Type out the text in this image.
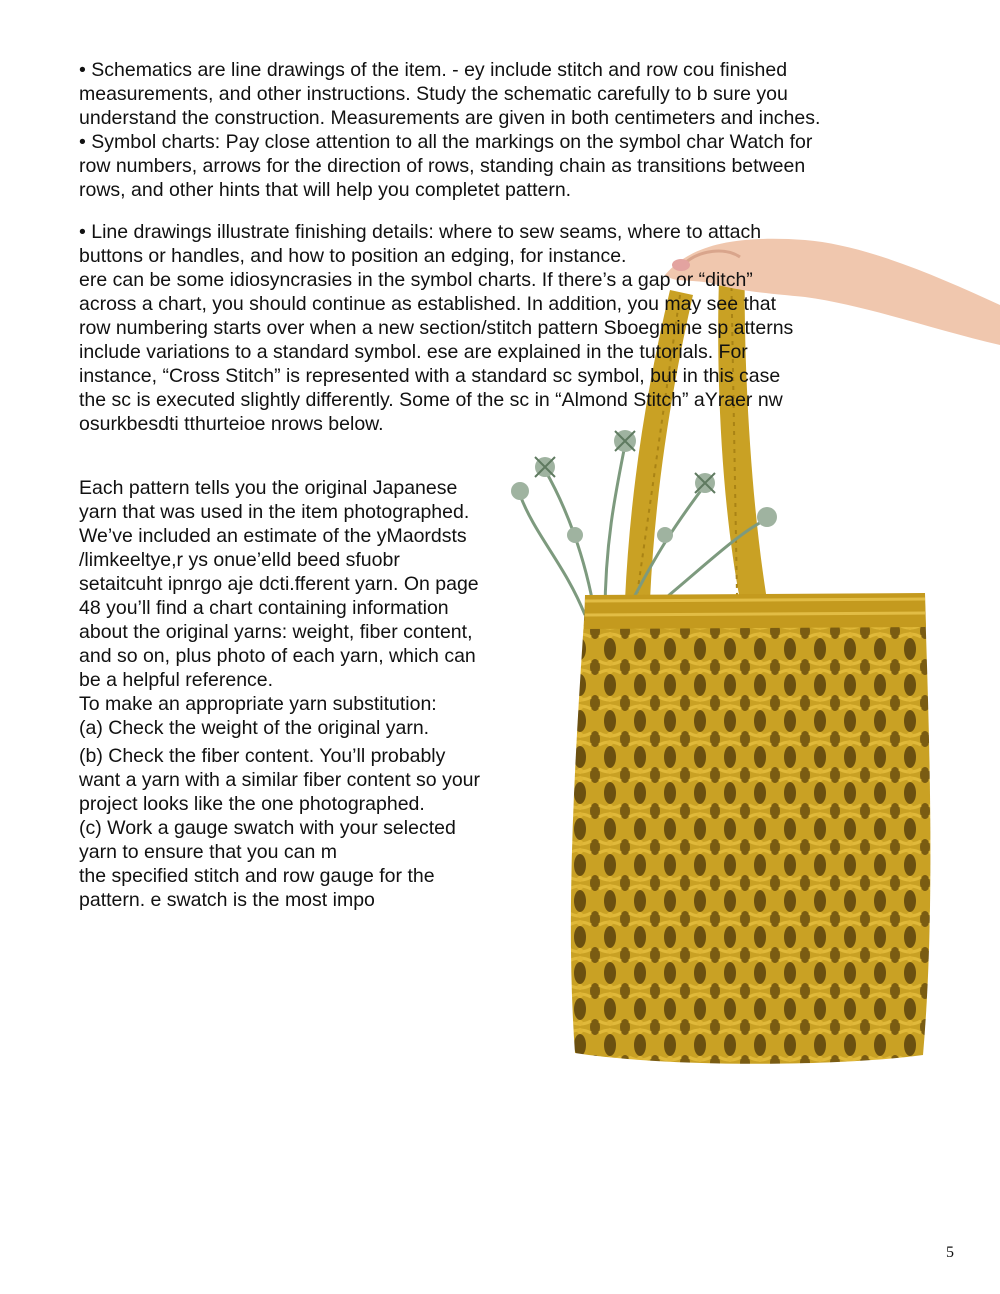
• Schematics are line drawings of the item. - ey include stitch and row cou finished
measurements, and other instructions. Study the schematic carefully to b sure you
understand the construction. Measurements are given in both centimeters and inches.
• Symbol charts: Pay close attention to all the markings on the symbol char Watch for
row numbers, arrows for the direction of rows, standing chain as transitions between
rows, and other hints that will help you completet pattern.
• Line drawings illustrate finishing details: where to sew seams, where to attach
buttons or handles, and how to position an edging, for instance.
ere can be some idiosyncrasies in the symbol charts. If there’s a gap or “ditch”
across a chart, you should continue as established. In addition, you may see that
row numbering starts over when a new section/stitch pattern Sboegmine sp atterns
include variations to a standard symbol. ese are explained in the tutorials. For
instance, “Cross Stitch” is represented with a standard sc symbol, but in this case
the sc is executed slightly differently. Some of the sc in “Almond Stitch” aYraer nw
osurkbesdti tthurteioe nrows below.
Each pattern tells you the original Japanese
yarn that was used in the item photographed.
We’ve included an estimate of the yMaordsts
/limkeeltye,r ys onue’elld beed sfuobr
setaitcuht ipnrgo aje dcti.fferent yarn. On page
48 you’ll find a chart containing information
about the original yarns: weight, fiber content,
and so on, plus photo of each yarn, which can
be a helpful reference.
To make an appropriate yarn substitution:
(a) Check the weight of the original yarn.
(b) Check the fiber content. You’ll probably
want a yarn with a similar fiber content so your
project looks like the one photographed.
(c) Work a gauge swatch with your selected
yarn to ensure that you can m
the specified stitch and row gauge for the
pattern. e swatch is the most impo
5
